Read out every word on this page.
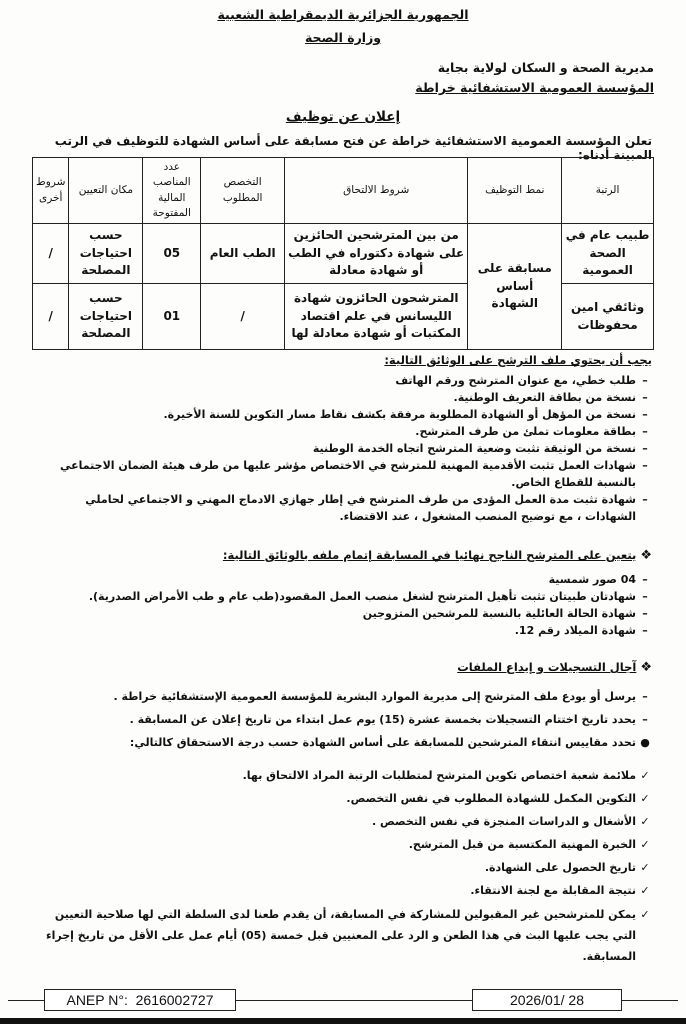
الجمهورية الجزائرية الديمقراطية الشعبية
وزارة الصحة
مديرية الصحة و السكان لولاية بجاية
المؤسسة العمومية الاستشفائية خراطة
إعلان عن توظيف
تعلن المؤسسة العمومية الاستشفائية خراطة عن فتح مسابقة على أساس الشهادة للتوظيف في الرتب المبينة أدناه:
الرتبة	نمط التوظيف	شروط الالتحاق	التخصص المطلوب	عدد المناصب المالية المفتوحة	مكان التعيين	شروط أخرى
طبيب عام في الصحة العمومية	مسابقة على أساس الشهادة	من بين المترشحين الحائزين على شهادة دكتوراه في الطب أو شهادة معادلة	الطب العام	05	حسب احتياجات المصلحة	/
وثائقي امين محفوظات		المترشحون الحائزون شهادة الليسانس في علم اقتصاد المكتبات أو شهادة معادلة لها	/	01	حسب احتياجات المصلحة	/
يجب أن يحتوي ملف الترشح على الوثائق التالية:
–
طلب خطي، مع عنوان المترشح ورقم الهاتف
–
نسخة من بطاقة التعريف الوطنية.
–
نسخة من المؤهل أو الشهادة المطلوبة مرفقة بكشف نقاط مسار التكوين للسنة الأخيرة.
–
بطاقة معلومات تملئ من طرف المترشح.
–
نسخة من الوثيقة تثبت وضعية المترشح اتجاه الخدمة الوطنية
–
شهادات العمل تثبت الأقدمية المهنية للمترشح في الاختصاص مؤشر عليها من طرف هيئة الضمان الاجتماعي بالنسبة للقطاع الخاص.
–
شهادة تثبت مدة العمل المؤدى من طرف المترشح في إطار جهازي الادماج المهني و الاجتماعي لحاملي الشهادات ، مع توضيح المنصب المشغول ، عند الاقتضاء.
❖يتعين على المترشح الناجح نهائيا في المسابقة إتمام ملفه بالوثائق التالية:
–
04 صور شمسية
–
شهادتان طبيتان تثبت تأهيل المترشح لشغل منصب العمل المقصود(طب عام و طب الأمراض الصدرية).
–
شهادة الحالة العائلية بالنسبة للمرشحين المتزوجين
–
شهادة الميلاد رقم 12.
❖آجال التسجيلات و إيداع الملفات
–
يرسل أو يودع ملف المترشح إلى مديرية الموارد البشرية للمؤسسة العمومية الإستشفائية خراطة .
–
يحدد تاريخ اختتام التسجيلات بخمسة عشرة (15) يوم عمل ابتداء من تاريخ إعلان عن المسابقة .
●
تحدد مقاييس انتقاء المترشحين للمسابقة على أساس الشهادة حسب درجة الاستحقاق كالتالي:
✓
ملائمة شعبة اختصاص تكوين المترشح لمتطلبات الرتبة المراد الالتحاق بها.
✓
التكوين المكمل للشهادة المطلوب في نفس التخصص.
✓
الأشغال و الدراسات المنجزة في نفس التخصص .
✓
الخبرة المهنية المكتسبة من قبل المترشح.
✓
تاريخ الحصول على الشهادة.
✓
نتيجة المقابلة مع لجنة الانتقاء.
✓
يمكن للمترشحين غير المقبولين للمشاركة في المسابقة، أن يقدم طعنا لدى السلطة التي لها صلاحية التعيين التي يجب عليها البث في هذا الطعن و الرد على المعنيين قبل خمسة (05) أيام عمل على الأقل من تاريخ إجراء المسابقة.
ANEP N°:
2616002727	2026/01/ 28
